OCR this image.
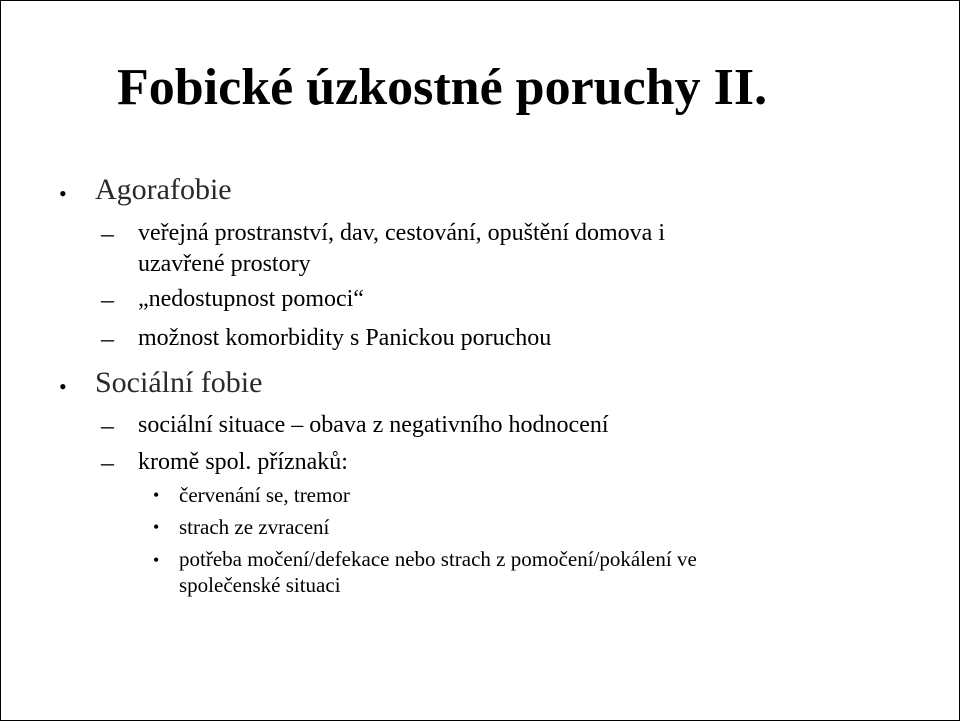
Fobické úzkostné poruchy II.
• Agorafobie
– veřejná prostranství, dav, cestování, opuštění domova i
uzavřené prostory
– „nedostupnost pomoci“
– možnost komorbidity s Panickou poruchou
• Sociální fobie
– sociální situace – obava z negativního hodnocení
– kromě spol. příznaků:
• červenání se, tremor
• strach ze zvracení
• potřeba močení/defekace nebo strach z pomočení/pokálení ve
společenské situaci
